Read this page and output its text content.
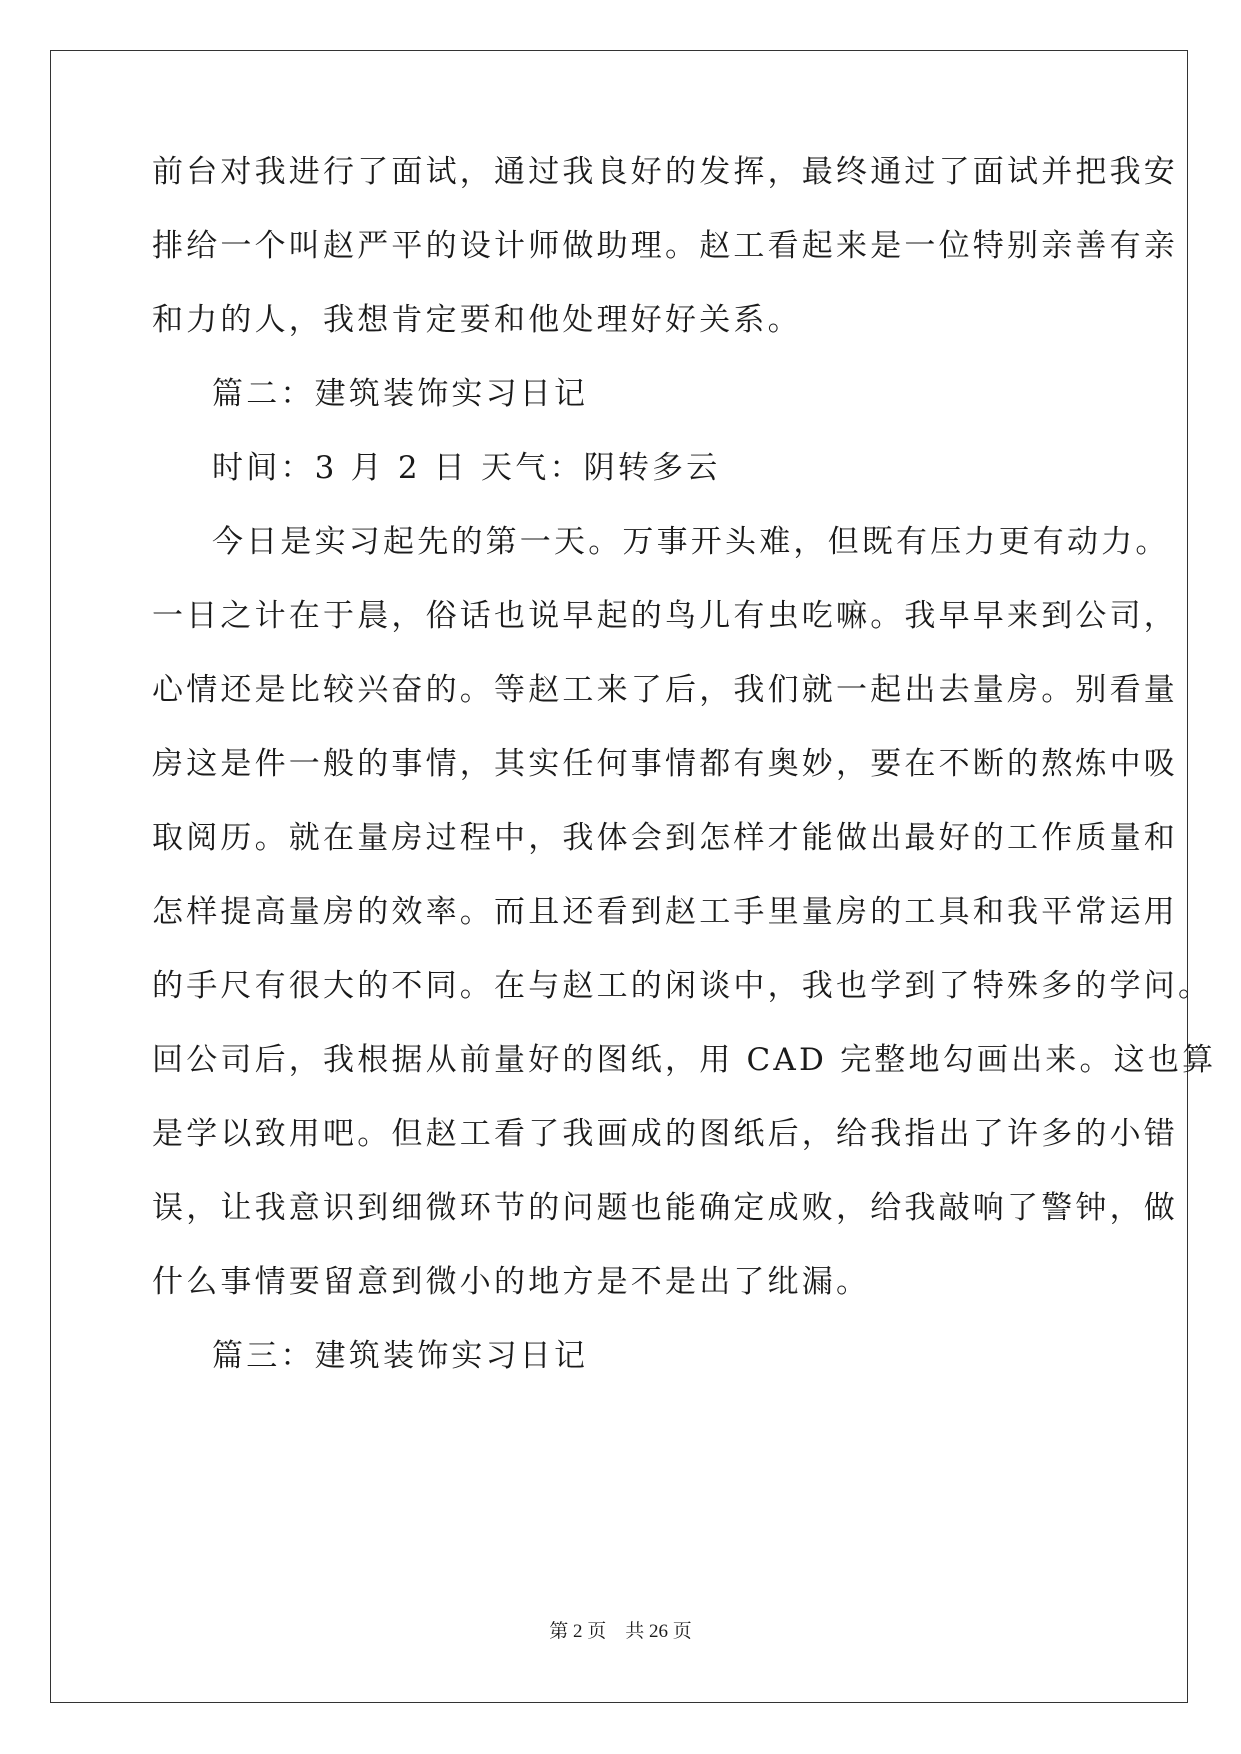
前台对我进行了面试，通过我良好的发挥，最终通过了面试并把我安
排给一个叫赵严平的设计师做助理。赵工看起来是一位特别亲善有亲
和力的人，我想肯定要和他处理好好关系。
篇二：建筑装饰实习日记
时间：3 月 2 日 天气：阴转多云
今日是实习起先的第一天。万事开头难，但既有压力更有动力。
一日之计在于晨，俗话也说早起的鸟儿有虫吃嘛。我早早来到公司，
心情还是比较兴奋的。等赵工来了后，我们就一起出去量房。别看量
房这是件一般的事情，其实任何事情都有奥妙，要在不断的熬炼中吸
取阅历。就在量房过程中，我体会到怎样才能做出最好的工作质量和
怎样提高量房的效率。而且还看到赵工手里量房的工具和我平常运用
的手尺有很大的不同。在与赵工的闲谈中，我也学到了特殊多的学问。
回公司后，我根据从前量好的图纸，用 CAD 完整地勾画出来。这也算
是学以致用吧。但赵工看了我画成的图纸后，给我指出了许多的小错
误，让我意识到细微环节的问题也能确定成败，给我敲响了警钟，做
什么事情要留意到微小的地方是不是出了纰漏。
篇三：建筑装饰实习日记
第 2 页    共 26 页
